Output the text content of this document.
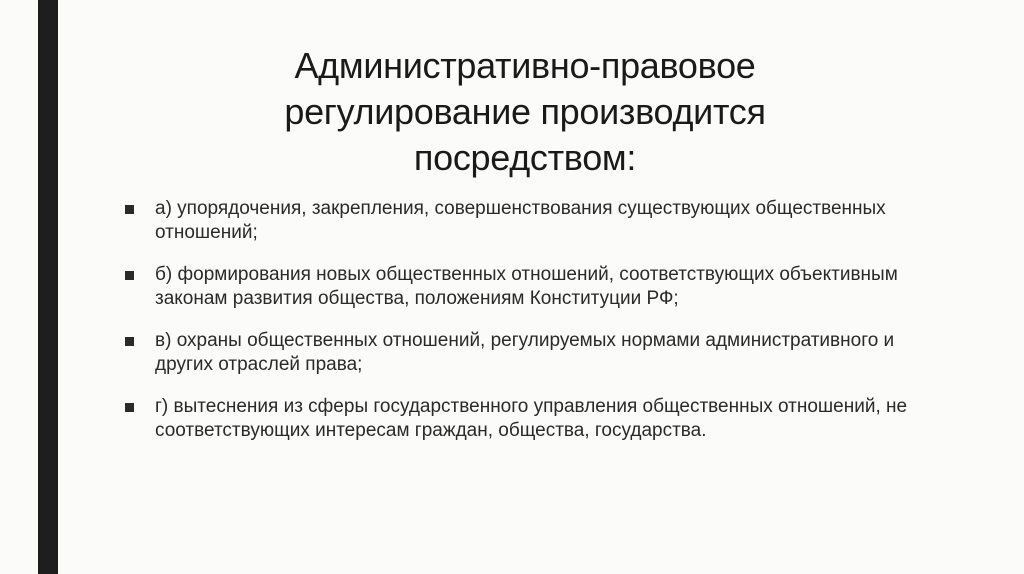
Административно-правовое
регулирование производится
посредством:
а) упорядочения, закрепления, совершенствования существующих общественных отношений;
б) формирования новых общественных отношений, соответствующих объективным законам развития общества, положениям Конституции РФ;
в) охраны общественных отношений, регулируемых нормами административного и других отраслей права;
г) вытеснения из сферы государственного управления общественных отношений, не соответствующих интересам граждан, общества, государства.
